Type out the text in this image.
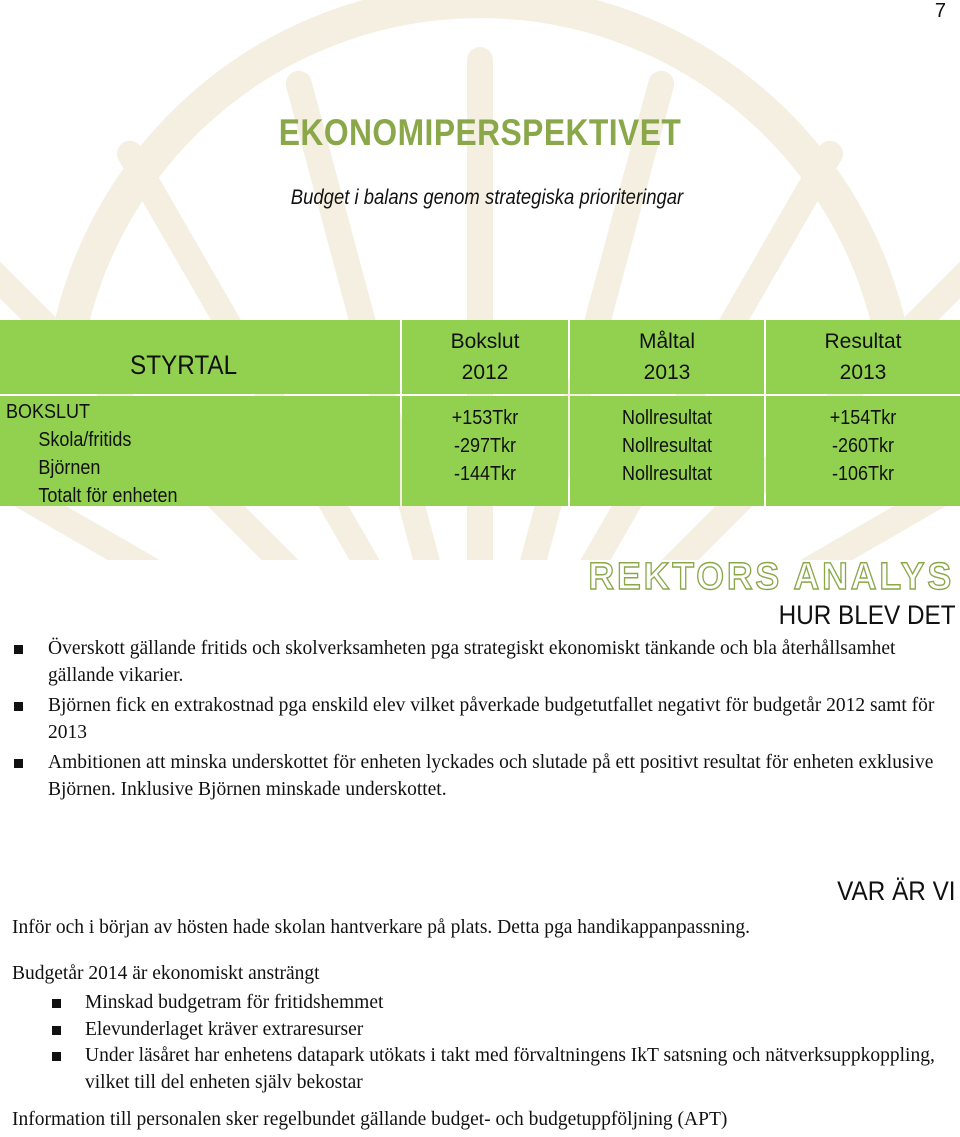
7
EKONOMIPERSPEKTIVET
Budget i balans genom strategiska prioriteringar
STYRTAL
Bokslut
2012
Måltal
2013
Resultat
2013
BOKSLUT
Skola/fritids
Björnen
Totalt för enheten
+153Tkr
-297Tkr
-144Tkr
Nollresultat
Nollresultat
Nollresultat
+154Tkr
-260Tkr
-106Tkr
REKTORS ANALYS
HUR BLEV DET
Överskott gällande fritids och skolverksamheten pga strategiskt ekonomiskt tänkande och bla återhållsamhet gällande vikarier.
Björnen fick en extrakostnad pga enskild elev vilket påverkade budgetutfallet negativt för budgetår 2012 samt för 2013
Ambitionen att minska underskottet för enheten lyckades och slutade på ett positivt resultat för enheten exklusive Björnen. Inklusive Björnen minskade underskottet.
VAR ÄR VI
Inför och i början av hösten hade skolan hantverkare på plats. Detta pga handikappanpassning.
Budgetår 2014 är ekonomiskt ansträngt
Minskad budgetram för fritidshemmet
Elevunderlaget kräver extraresurser
Under läsåret har enhetens datapark utökats i takt med förvaltningens IkT satsning och nätverksuppkoppling, vilket till del enheten själv bekostar
Information till personalen sker regelbundet gällande budget- och budgetuppföljning (APT)
